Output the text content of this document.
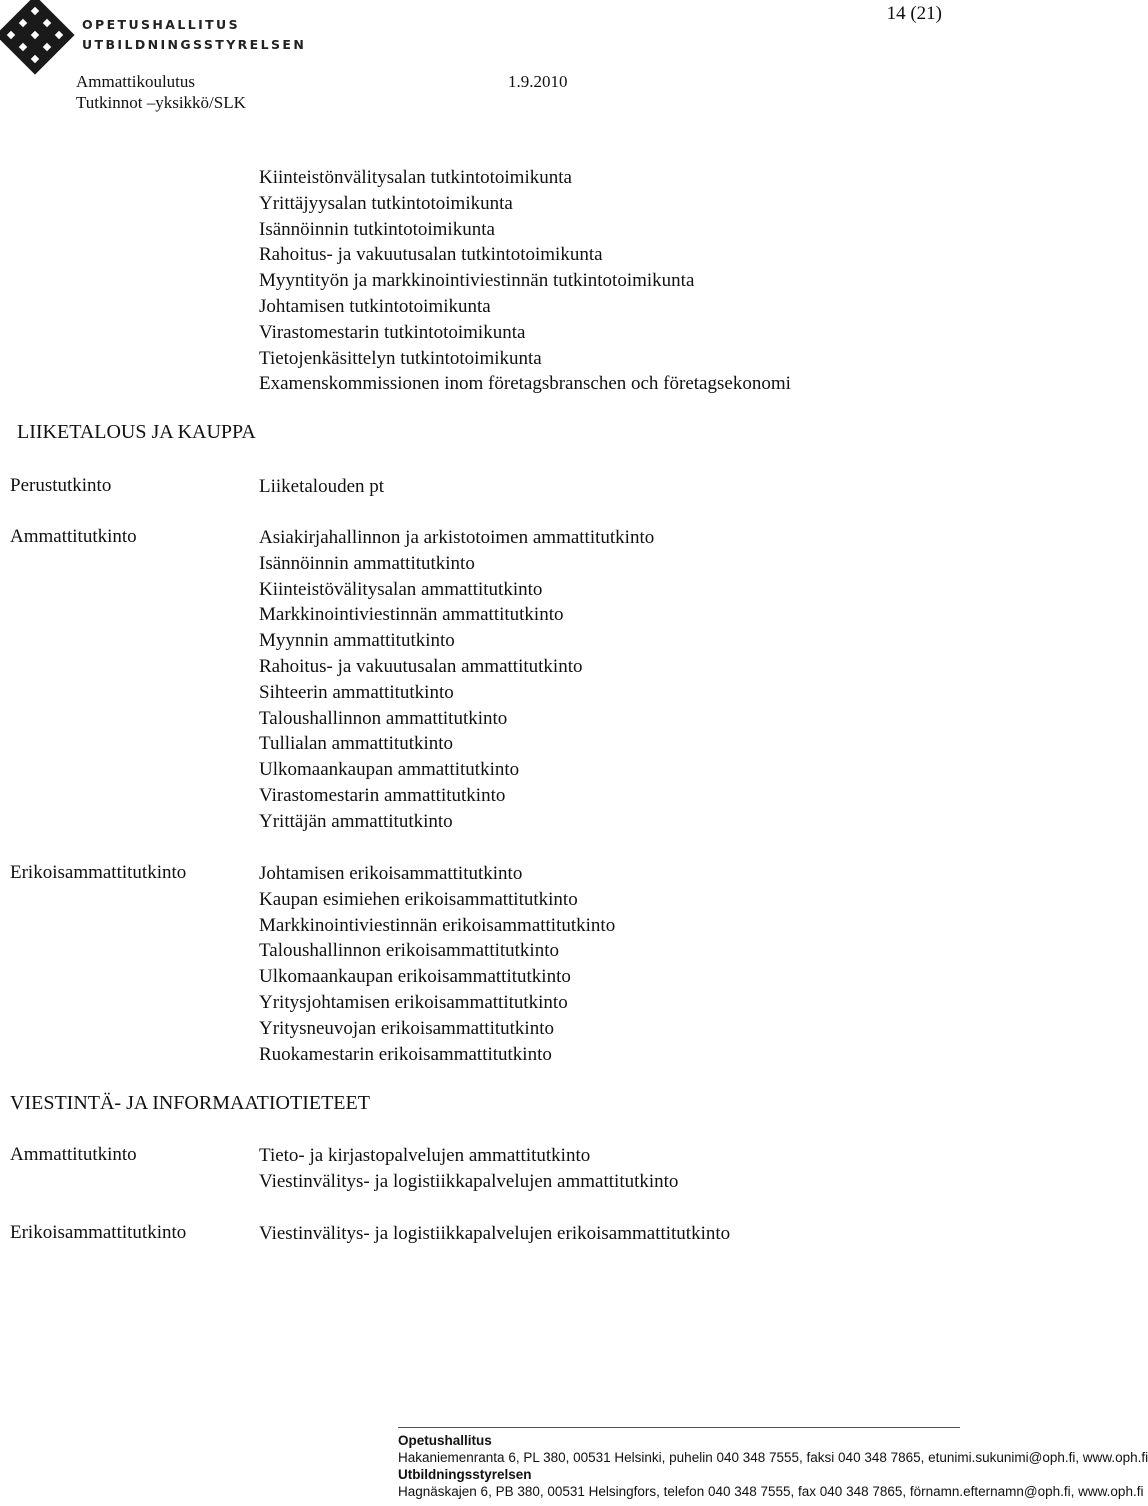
OPETUSHALLITUS
UTBILDNINGSSTYRELSEN
14 (21)
Ammattikoulutus	1.9.2010
Tutkinnot –yksikkö/SLK
Kiinteistönvälitysalan tutkintotoimikunta
Yrittäjyysalan tutkintotoimikunta
Isännöinnin tutkintotoimikunta
Rahoitus- ja vakuutusalan tutkintotoimikunta
Myyntityön ja markkinointiviestinnän tutkintotoimikunta
Johtamisen tutkintotoimikunta
Virastomestarin tutkintotoimikunta
Tietojenkäsittelyn tutkintotoimikunta
Examenskommissionen inom företagsbranschen och företagsekonomi
LIIKETALOUS JA KAUPPA
Perustutkinto	Liiketalouden pt
Ammattitutkinto	Asiakirjahallinnon ja arkistotoimen ammattitutkinto
Isännöinnin ammattitutkinto
Kiinteistövälitysalan ammattitutkinto
Markkinointiviestinnän ammattitutkinto
Myynnin ammattitutkinto
Rahoitus- ja vakuutusalan ammattitutkinto
Sihteerin ammattitutkinto
Taloushallinnon ammattitutkinto
Tullialan ammattitutkinto
Ulkomaankaupan ammattitutkinto
Virastomestarin ammattitutkinto
Yrittäjän ammattitutkinto
Erikoisammattitutkinto	Johtamisen erikoisammattitutkinto
Kaupan esimiehen erikoisammattitutkinto
Markkinointiviestinnän erikoisammattitutkinto
Taloushallinnon erikoisammattitutkinto
Ulkomaankaupan erikoisammattitutkinto
Yritysjohtamisen erikoisammattitutkinto
Yritysneuvojan erikoisammattitutkinto
Ruokamestarin erikoisammattitutkinto
VIESTINTÄ- JA INFORMAATIOTIETEET
Ammattitutkinto	Tieto- ja kirjastopalvelujen ammattitutkinto
Viestinvälitys- ja logistiikkapalvelujen ammattitutkinto
Erikoisammattitutkinto	Viestinvälitys- ja logistiikkapalvelujen erikoisammattitutkinto
Opetushallitus
Hakaniemenranta 6, PL 380, 00531 Helsinki, puhelin 040 348 7555, faksi 040 348 7865, etunimi.sukunimi@oph.fi, www.oph.fi
Utbildningsstyrelsen
Hagnäskajen 6, PB 380, 00531 Helsingfors, telefon 040 348 7555, fax 040 348 7865, förnamn.efternamn@oph.fi, www.oph.fi
